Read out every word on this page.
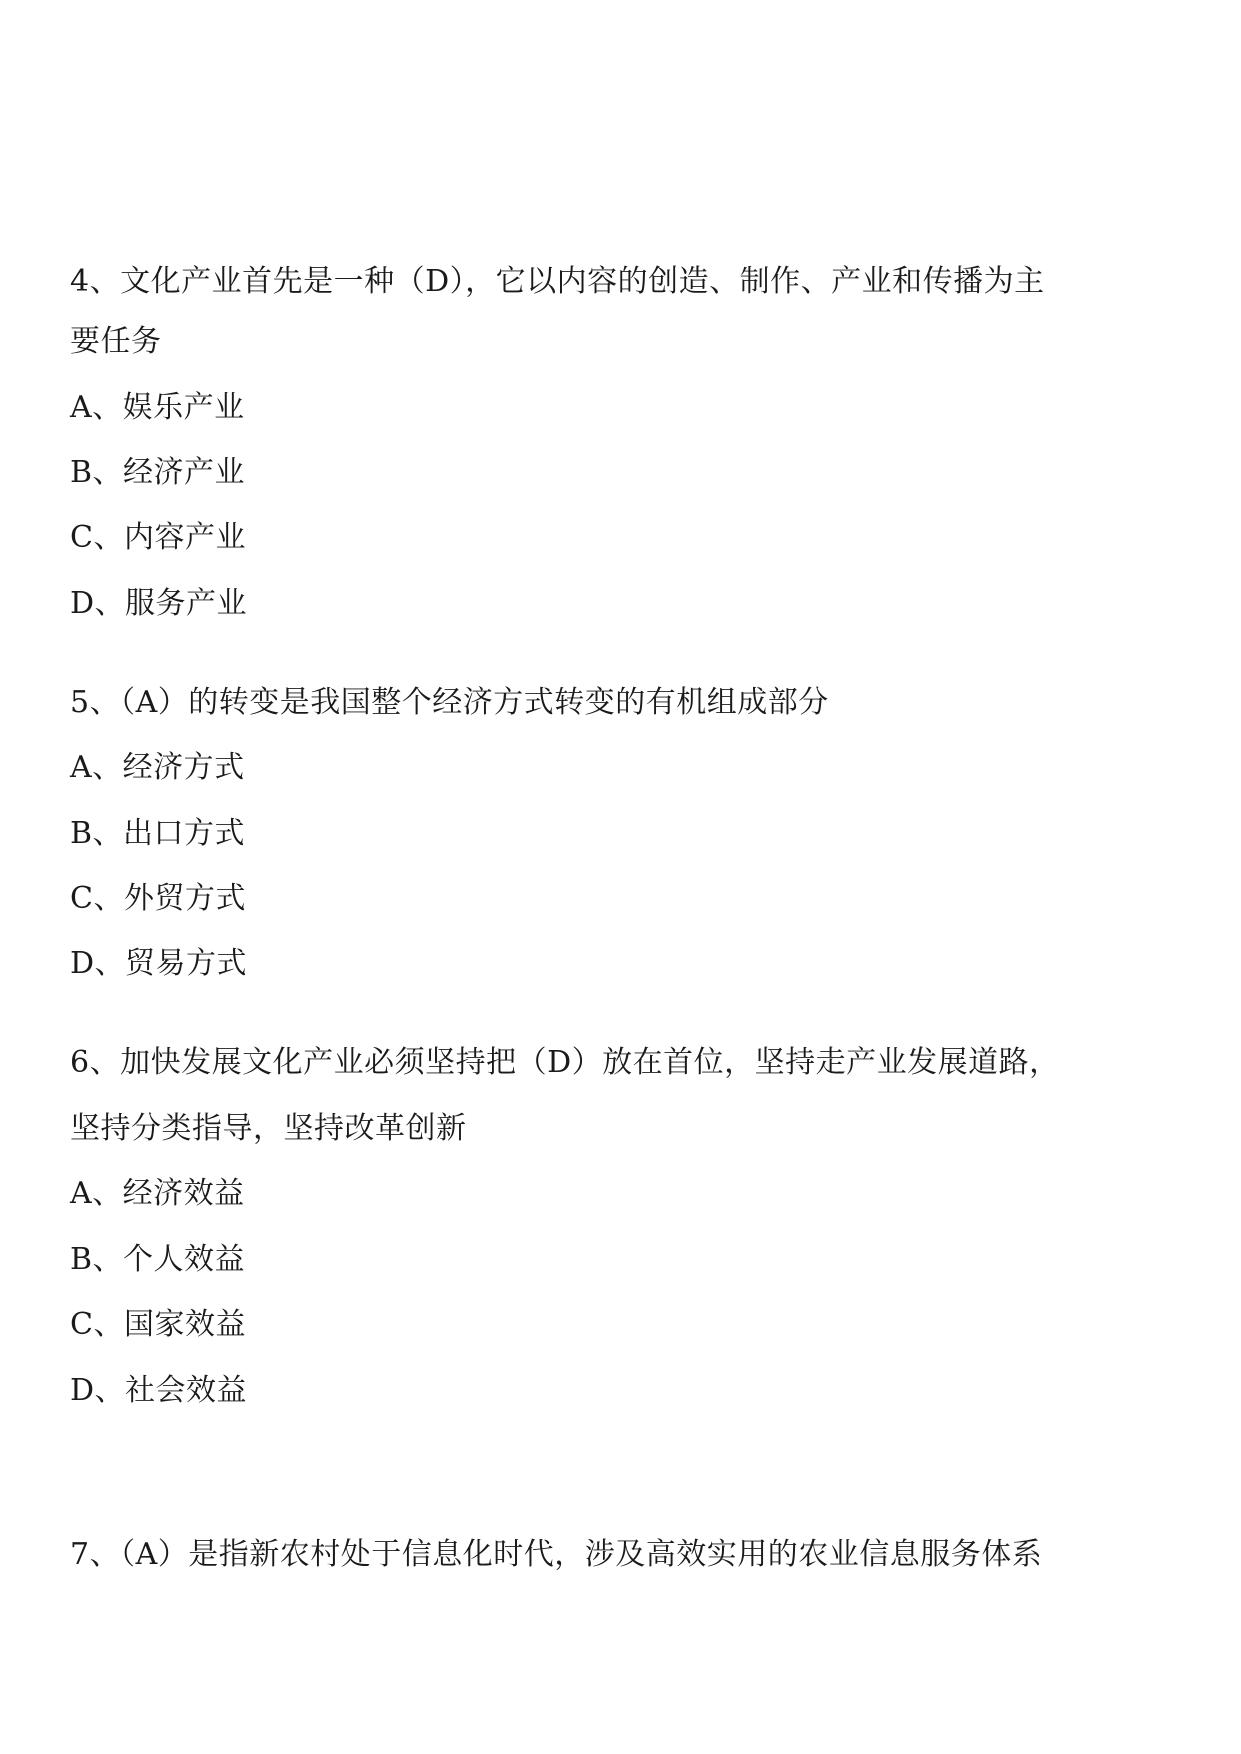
4、文化产业首先是一种（D），它以内容的创造、制作、产业和传播为主
要任务
A、娱乐产业
B、经济产业
C、内容产业
D、服务产业
5、（A）的转变是我国整个经济方式转变的有机组成部分
A、经济方式
B、出口方式
C、外贸方式
D、贸易方式
6、加快发展文化产业必须坚持把（D）放在首位，坚持走产业发展道路，
坚持分类指导，坚持改革创新
A、经济效益
B、个人效益
C、国家效益
D、社会效益
7、（A）是指新农村处于信息化时代，涉及高效实用的农业信息服务体系
